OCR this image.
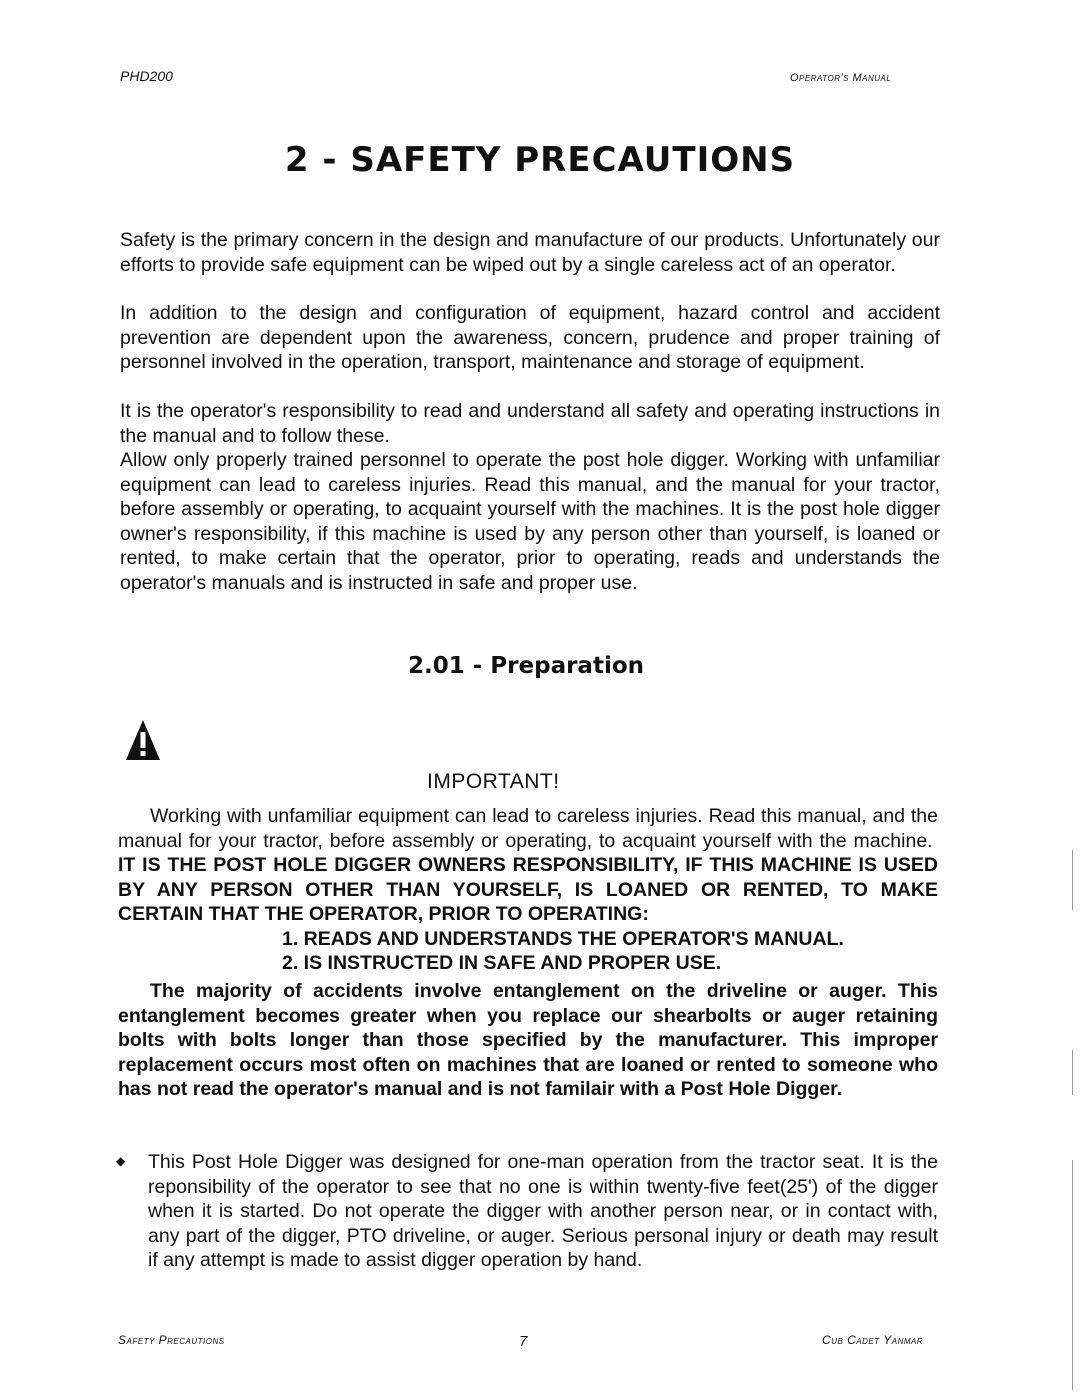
PHD200	Operator's Manual
2 - SAFETY PRECAUTIONS

Safety is the primary concern in the design and manufacture of our products. Unfortunately our efforts to provide safe equipment can be wiped out by a single careless act of an operator.

In addition to the design and configuration of equipment, hazard control and accident prevention are dependent upon the awareness, concern, prudence and proper training of personnel involved in the operation, transport, maintenance and storage of equipment.

It is the operator's responsibility to read and understand all safety and operating instructions in the manual and to follow these.

Allow only properly trained personnel to operate the post hole digger. Working with unfamiliar equipment can lead to careless injuries. Read this manual, and the manual for your tractor, before assembly or operating, to acquaint yourself with the machines. It is the post hole digger owner's responsibility, if this machine is used by any person other than yourself, is loaned or rented, to make certain that the operator, prior to operating, reads and understands the operator's manuals and is instructed in safe and proper use.

2.01 - Preparation
IMPORTANT!

Working with unfamiliar equipment can lead to careless injuries. Read this manual, and the manual for your tractor, before assembly or operating, to acquaint yourself with the machine.  IT IS THE POST HOLE DIGGER OWNERS RESPONSIBILITY, IF THIS MACHINE IS USED BY ANY PERSON OTHER THAN YOURSELF, IS LOANED OR RENTED, TO MAKE CERTAIN THAT THE OPERATOR, PRIOR TO OPERATING:

1. READS AND UNDERSTANDS THE OPERATOR'S MANUAL.
2. IS INSTRUCTED IN SAFE AND PROPER USE.

The majority of accidents involve entanglement on the driveline or auger. This entanglement becomes greater when you replace our shearbolts or auger retaining bolts with bolts longer than those specified by the manufacturer. This improper replacement occurs most often on machines that are loaned or rented to someone who has not read the operator's manual and is not familair with a Post Hole Digger.

◆ This Post Hole Digger was designed for one-man operation from the tractor seat. It is the reponsibility of the operator to see that no one is within twenty-five feet(25') of the digger when it is started. Do not operate the digger with another person near, or in contact with, any part of the digger, PTO driveline, or auger. Serious personal injury or death may result if any attempt is made to assist digger operation by hand.

Safety Precautions	7	Cub Cadet Yanmar
